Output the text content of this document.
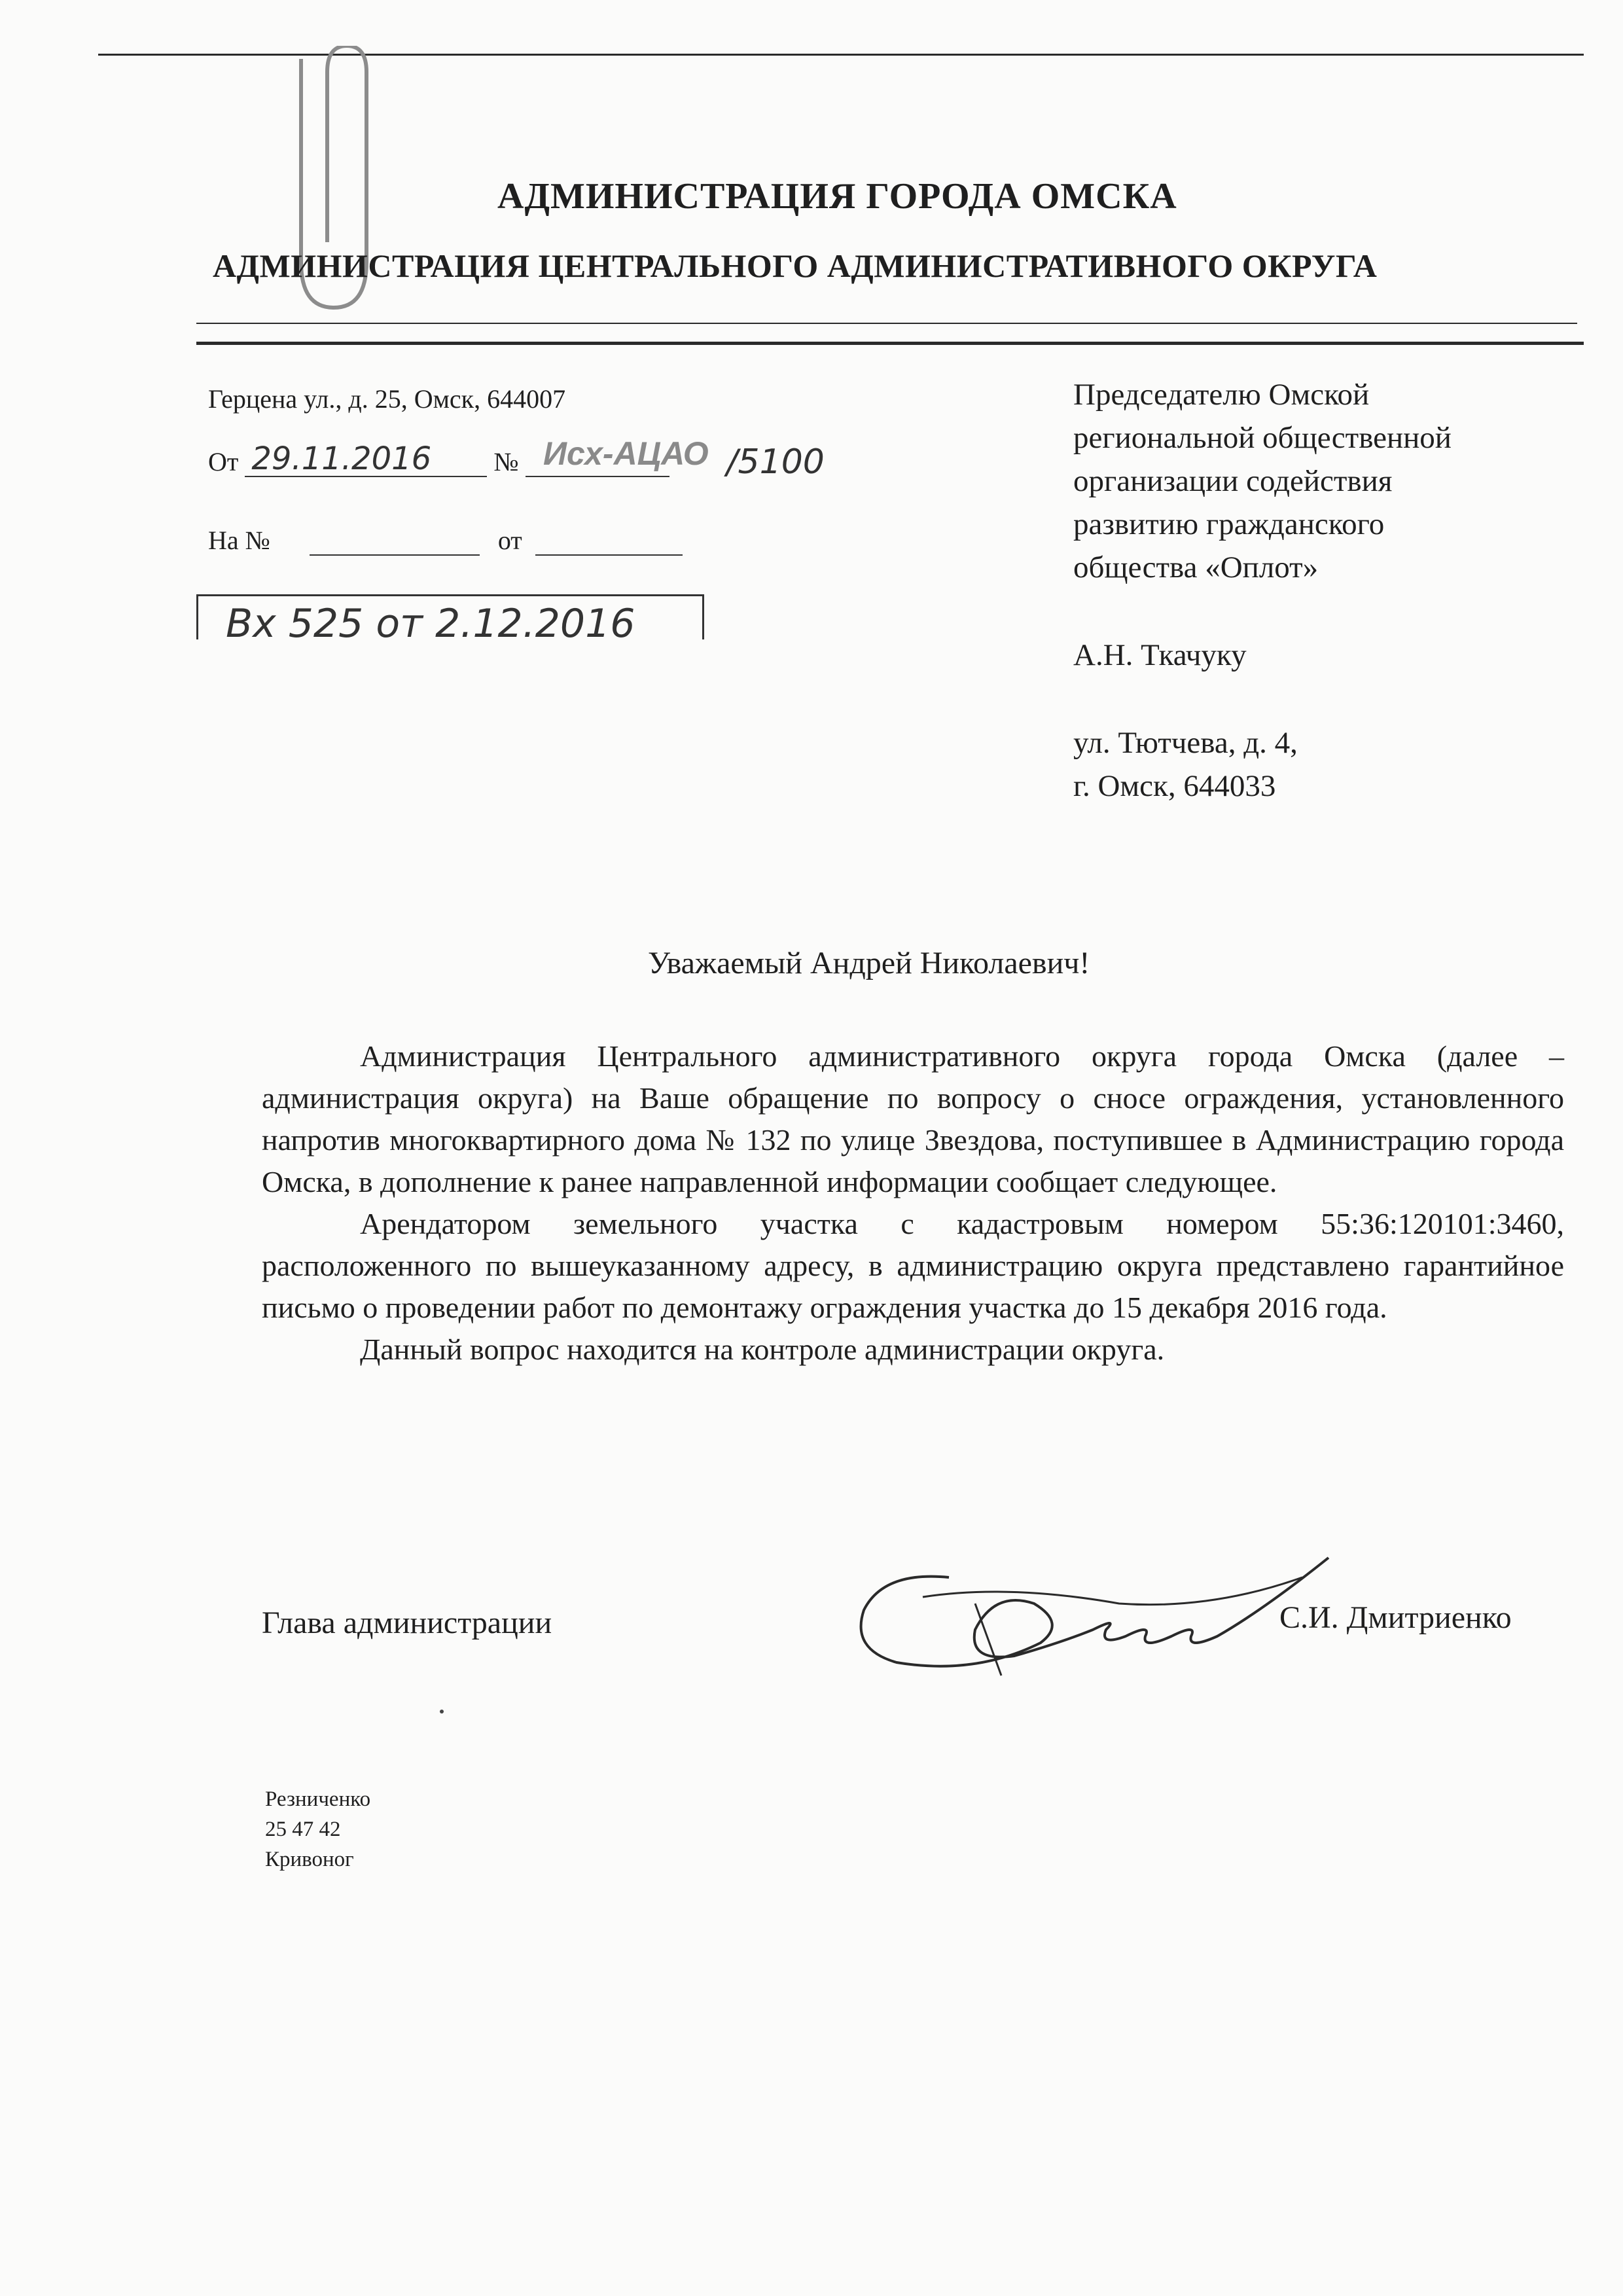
АДМИНИСТРАЦИЯ ГОРОДА ОМСКА
АДМИНИСТРАЦИЯ ЦЕНТРАЛЬНОГО АДМИНИСТРАТИВНОГО ОКРУГА
Герцена ул., д. 25, Омск, 644007
От 29.11.2016 № Исх-АЦАО /5100
На №	от
Вх 525 от 2.12.2016
Председателю Омской
региональной общественной
организации содействия
развитию гражданского
общества «Оплот»
А.Н. Ткачуку
ул. Тютчева, д. 4,
г. Омск, 644033
Уважаемый Андрей Николаевич!

Администрация Центрального административного округа города Омска (далее – администрация округа) на Ваше обращение по вопросу о сносе ограждения, установленного напротив многоквартирного дома № 132 по улице Звездова, поступившее в Администрацию города Омска, в дополнение к ранее направленной информации сообщает следующее.

Арендатором земельного участка с кадастровым номером 55:36:120101:3460, расположенного по вышеуказанному адресу, в администрацию округа представлено гарантийное письмо о проведении работ по демонтажу ограждения участка до 15 декабря 2016 года.

Данный вопрос находится на контроле администрации округа.

Глава администрации	С.И. Дмитриенко
Резниченко
25 47 42
Кривоног
